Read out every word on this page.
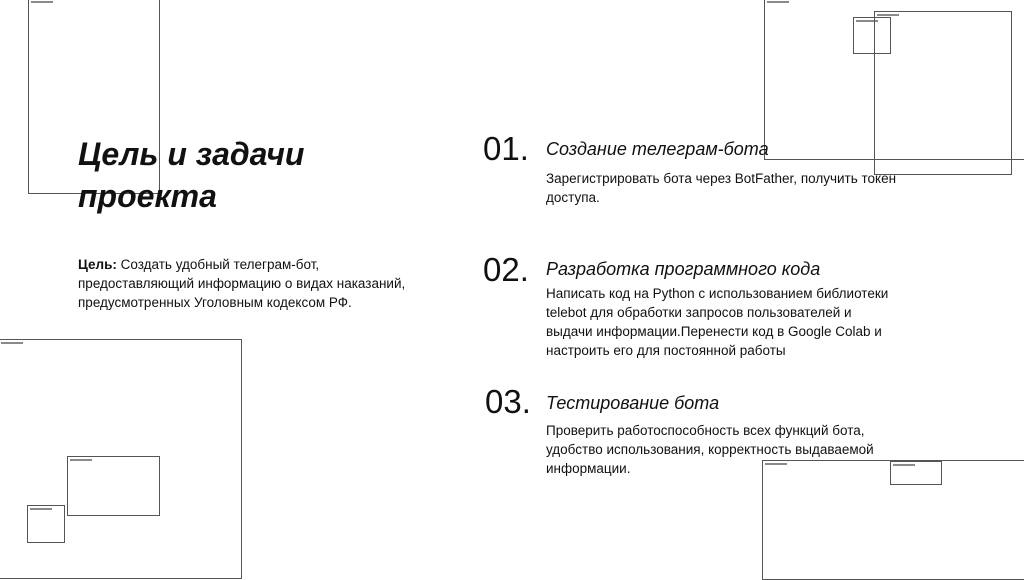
Цель и задачи
проекта
Цель: Создать удобный телеграм-бот,
предоставляющий информацию о видах наказаний,
предусмотренных Уголовным кодексом РФ.
01. Создание телеграм-бота
Зарегистрировать бота через BotFather, получить токен
доступа.
02. Разработка программного кода
Написать код на Python с использованием библиотеки
telebot для обработки запросов пользователей и
выдачи информации.Перенести код в Google Colab и
настроить его для постоянной работы
03. Тестирование бота
Проверить работоспособность всех функций бота,
удобство использования, корректность выдаваемой
информации.
